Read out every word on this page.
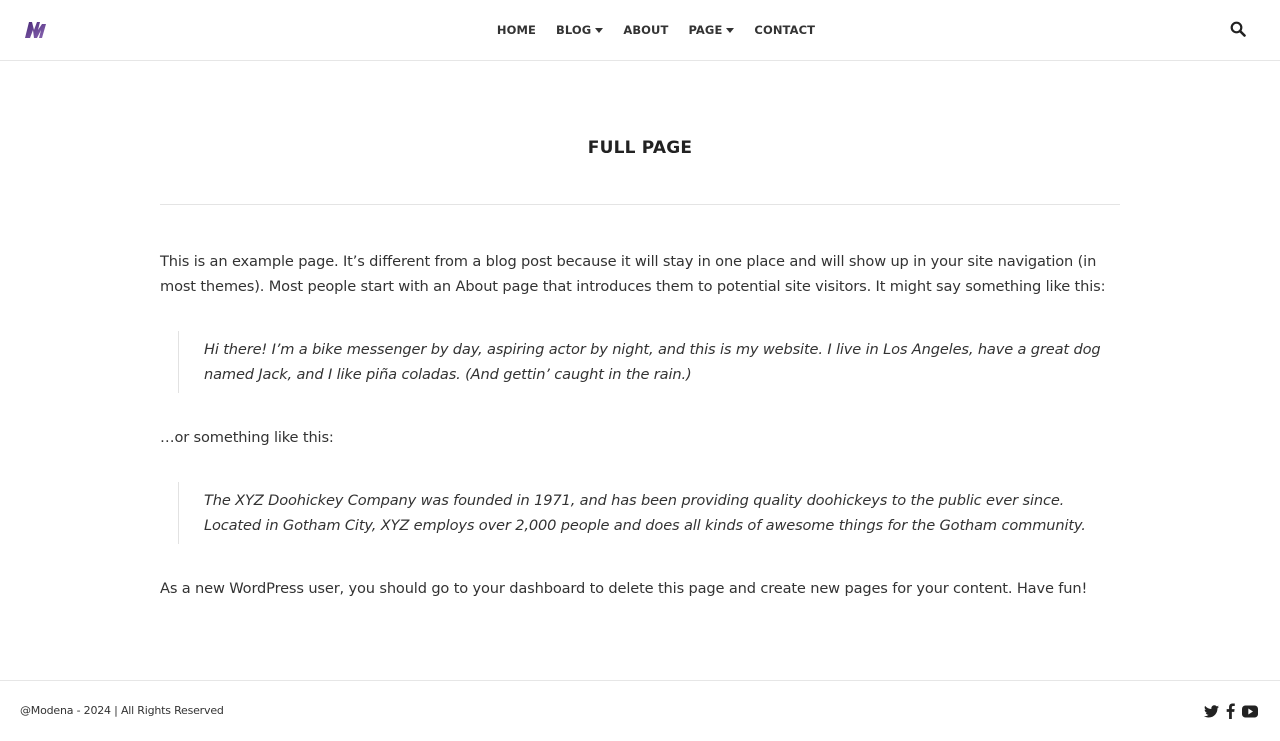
HOME BLOG	ABOUT PAGE	CONTACT
FULL PAGE

This is an example page. It’s different from a blog post because it will stay in one place and will show up in your site navigation (in most themes). Most people start with an About page that introduces them to potential site visitors. It might say something like this:

Hi there! I’m a bike messenger by day, aspiring actor by night, and this is my website. I live in Los Angeles, have a great dog named Jack, and I like piña coladas. (And gettin’ caught in the rain.)

…or something like this:

The XYZ Doohickey Company was founded in 1971, and has been providing quality doohickeys to the public ever since. Located in Gotham City, XYZ employs over 2,000 people and does all kinds of awesome things for the Gotham community.

As a new WordPress user, you should go to your dashboard to delete this page and create new pages for your content. Have fun!

@Modena - 2024 | All Rights Reserved
